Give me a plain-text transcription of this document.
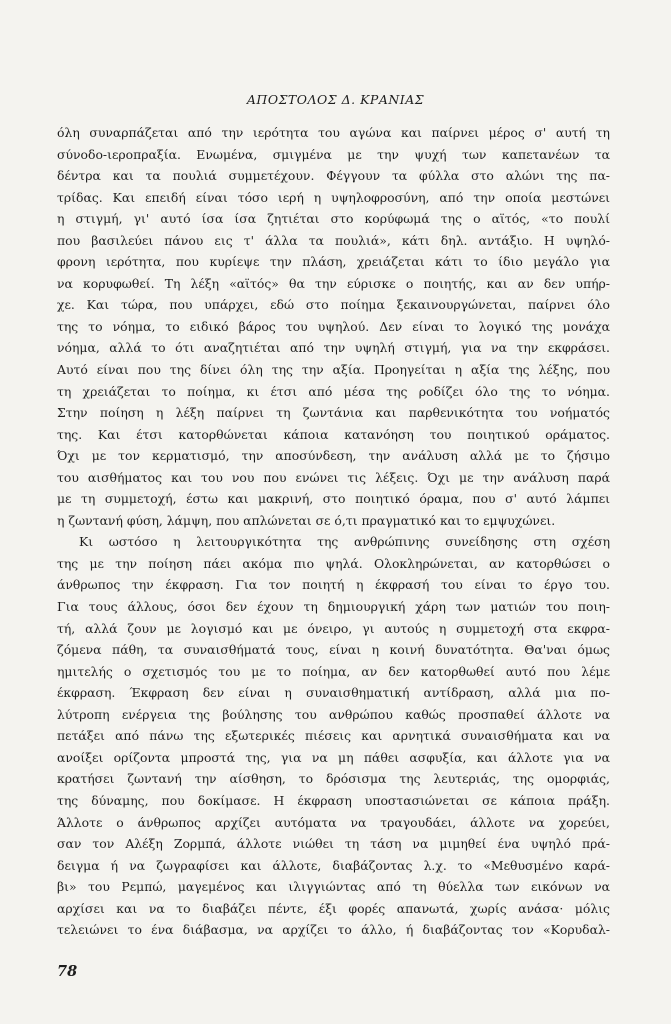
ΑΠΟΣΤΟΛΟΣ Δ. ΚΡΑΝΙΑΣ
όλη συναρπάζεται από την ιερότητα του αγώνα και παίρνει μέρος σ' αυτή τη
σύνοδο-ιεροπραξία. Ενωμένα, σμιγμένα με την ψυχή των καπετανέων τα
δέντρα και τα πουλιά συμμετέχουν. Φέγγουν τα φύλλα στο αλώνι της πα-
τρίδας. Και επειδή είναι τόσο ιερή η υψηλοφροσύνη, από την οποία μεστώνει
η στιγμή, γι' αυτό ίσα ίσα ζητιέται στο κορύφωμά της ο αϊτός, «το πουλί
που βασιλεύει πάνου εις τ' άλλα τα πουλιά», κάτι δηλ. αντάξιο. Η υψηλό-
φρονη ιερότητα, που κυρίεψε την πλάση, χρειάζεται κάτι το ίδιο μεγάλο για
να κορυφωθεί. Τη λέξη «αϊτός» θα την εύρισκε ο ποιητής, και αν δεν υπήρ-
χε. Και τώρα, που υπάρχει, εδώ στο ποίημα ξεκαινουργώνεται, παίρνει όλο
της το νόημα, το ειδικό βάρος του υψηλού. Δεν είναι το λογικό της μονάχα
νόημα, αλλά το ότι αναζητιέται από την υψηλή στιγμή, για να την εκφράσει.
Αυτό είναι που της δίνει όλη της την αξία. Προηγείται η αξία της λέξης, που
τη χρειάζεται το ποίημα, κι έτσι από μέσα της ροδίζει όλο της το νόημα.
Στην ποίηση η λέξη παίρνει τη ζωντάνια και παρθενικότητα του νοήματός
της. Και έτσι κατορθώνεται κάποια κατανόηση του ποιητικού οράματος.
Όχι με τον κερματισμό, την αποσύνδεση, την ανάλυση αλλά με το ζήσιμο
του αισθήματος και του νου που ενώνει τις λέξεις. Όχι με την ανάλυση παρά
με τη συμμετοχή, έστω και μακρινή, στο ποιητικό όραμα, που σ' αυτό λάμπει
η ζωντανή φύση, λάμψη, που απλώνεται σε ό,τι πραγματικό και το εμψυχώνει.
Κι ωστόσο η λειτουργικότητα της ανθρώπινης συνείδησης στη σχέση
της με την ποίηση πάει ακόμα πιο ψηλά. Ολοκληρώνεται, αν κατορθώσει ο
άνθρωπος την έκφραση. Για τον ποιητή η έκφρασή του είναι το έργο του.
Για τους άλλους, όσοι δεν έχουν τη δημιουργική χάρη των ματιών του ποιη-
τή, αλλά ζουν με λογισμό και με όνειρο, γι αυτούς η συμμετοχή στα εκφρα-
ζόμενα πάθη, τα συναισθήματά τους, είναι η κοινή δυνατότητα. Θα'ναι όμως
ημιτελής ο σχετισμός του με το ποίημα, αν δεν κατορθωθεί αυτό που λέμε
έκφραση. Έκφραση δεν είναι η συναισθηματική αντίδραση, αλλά μια πο-
λύτροπη ενέργεια της βούλησης του ανθρώπου καθώς προσπαθεί άλλοτε να
πετάξει από πάνω της εξωτερικές πιέσεις και αρνητικά συναισθήματα και να
ανοίξει ορίζοντα μπροστά της, για να μη πάθει ασφυξία, και άλλοτε για να
κρατήσει ζωντανή την αίσθηση, το δρόσισμα της λευτεριάς, της ομορφιάς,
της δύναμης, που δοκίμασε. Η έκφραση υποστασιώνεται σε κάποια πράξη.
Άλλοτε ο άνθρωπος αρχίζει αυτόματα να τραγουδάει, άλλοτε να χορεύει,
σαν τον Αλέξη Ζορμπά, άλλοτε νιώθει τη τάση να μιμηθεί ένα υψηλό πρά-
δειγμα ή να ζωγραφίσει και άλλοτε, διαβάζοντας λ.χ. το «Μεθυσμένο καρά-
βι» του Ρεμπώ, μαγεμένος και ιλιγγιώντας από τη θύελλα των εικόνων να
αρχίσει και να το διαβάζει πέντε, έξι φορές απανωτά, χωρίς ανάσα· μόλις
τελειώνει το ένα διάβασμα, να αρχίζει το άλλο, ή διαβάζοντας τον «Κορυδαλ-
78
